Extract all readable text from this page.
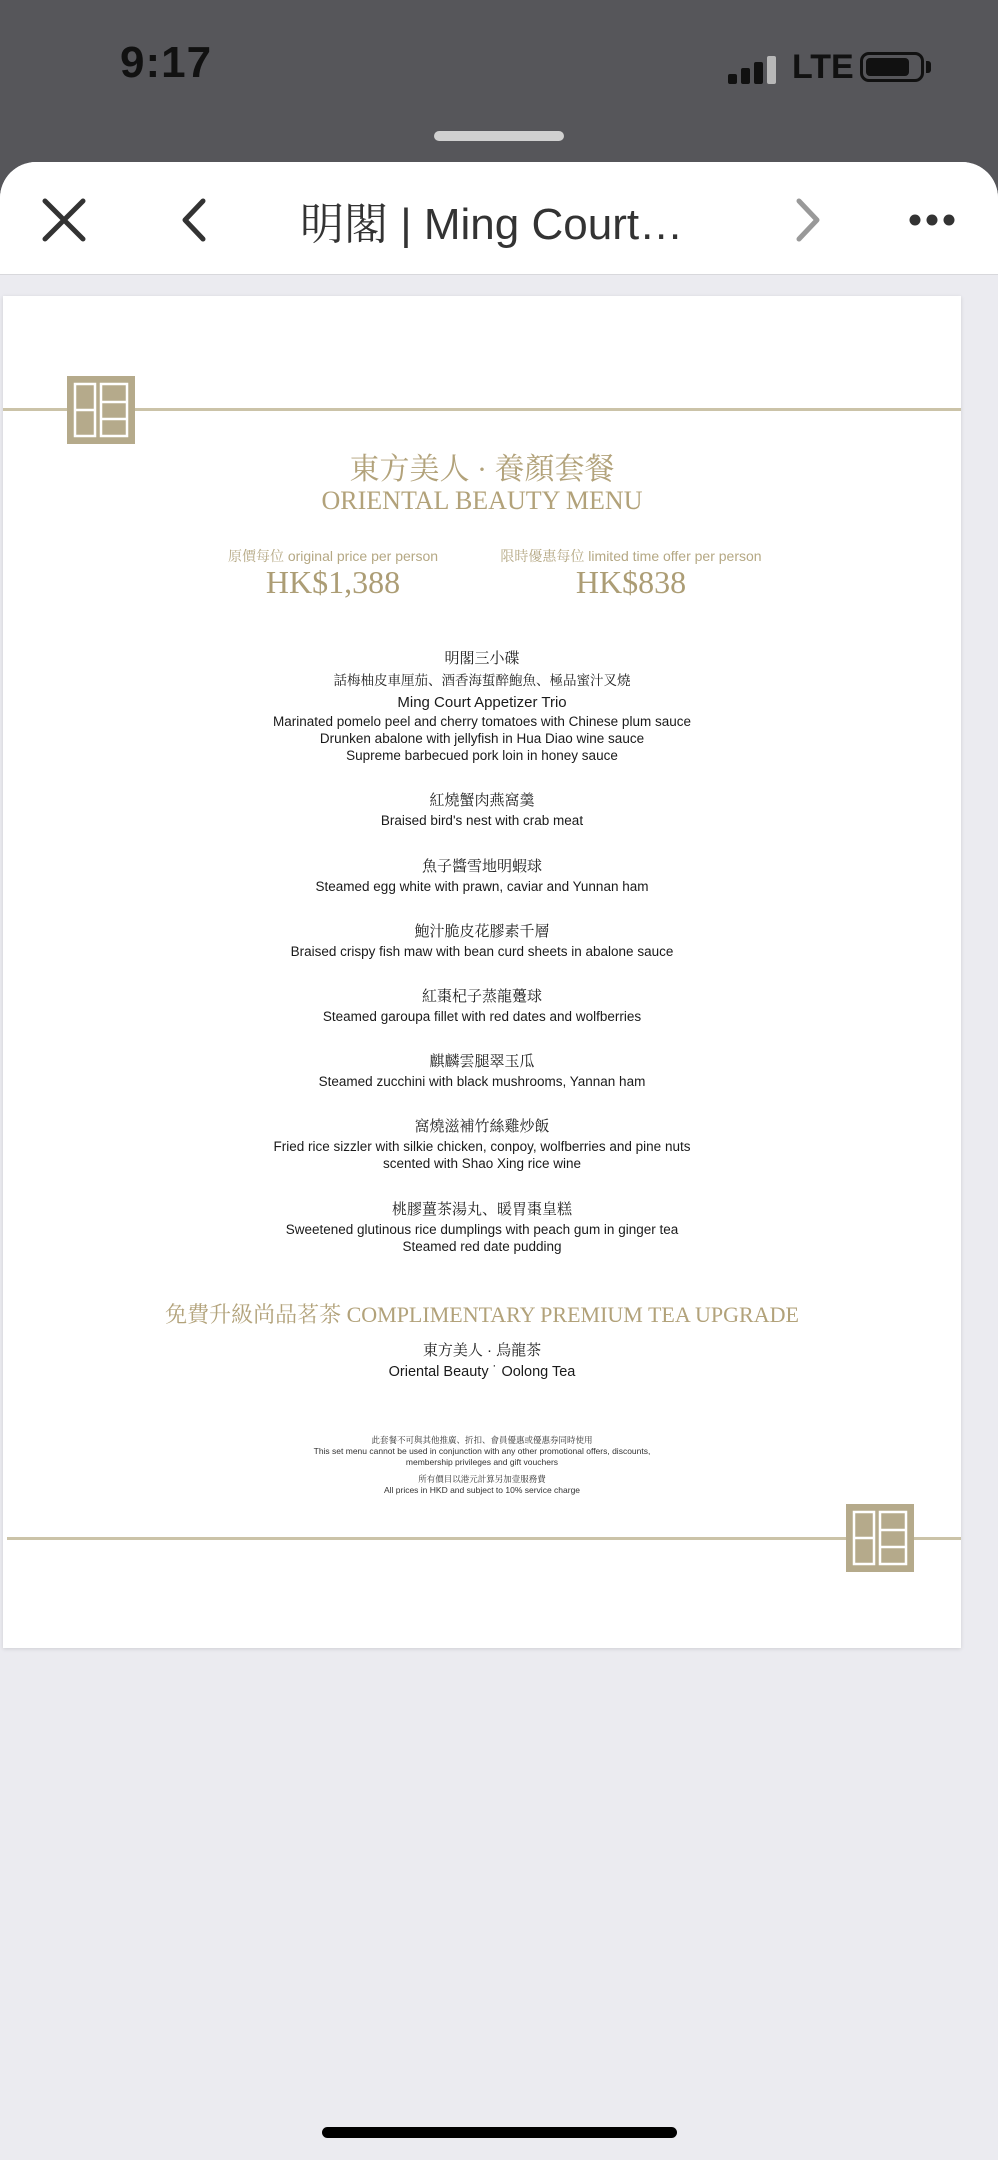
9:17	LTE
明閣 | Ming Court…
東方美人 · 養顏套餐
ORIENTAL BEAUTY MENU
原價每位 original price per person
HK$1,388
限時優惠每位 limited time offer per person
HK$838
明閣三小碟
話梅柚皮車厘茄、酒香海蜇醉鮑魚、極品蜜汁叉燒
Ming Court Appetizer Trio
Marinated pomelo peel and cherry tomatoes with Chinese plum sauce
Drunken abalone with jellyfish in Hua Diao wine sauce
Supreme barbecued pork loin in honey sauce
紅燒蟹肉燕窩羹
Braised bird's nest with crab meat
魚子醬雪地明蝦球
Steamed egg white with prawn, caviar and Yunnan ham
鮑汁脆皮花膠素千層
Braised crispy fish maw with bean curd sheets in abalone sauce
紅棗杞子蒸龍躉球
Steamed garoupa fillet with red dates and wolfberries
麒麟雲腿翠玉瓜
Steamed zucchini with black mushrooms, Yannan ham
窩燒滋補竹絲雞炒飯
Fried rice sizzler with silkie chicken, conpoy, wolfberries and pine nuts
scented with Shao Xing rice wine
桃膠薑茶湯丸、暖胃棗皇糕
Sweetened glutinous rice dumplings with peach gum in ginger tea
Steamed red date pudding
免費升級尚品茗茶 COMPLIMENTARY PREMIUM TEA UPGRADE
東方美人 · 烏龍茶
Oriental Beauty ˙ Oolong Tea
此套餐不可與其他推廣、折扣、會員優惠或優惠券同時使用
This set menu cannot be used in conjunction with any other promotional offers, discounts,
membership privileges and gift vouchers
所有價目以港元計算另加壹服務費
All prices in HKD and subject to 10% service charge
